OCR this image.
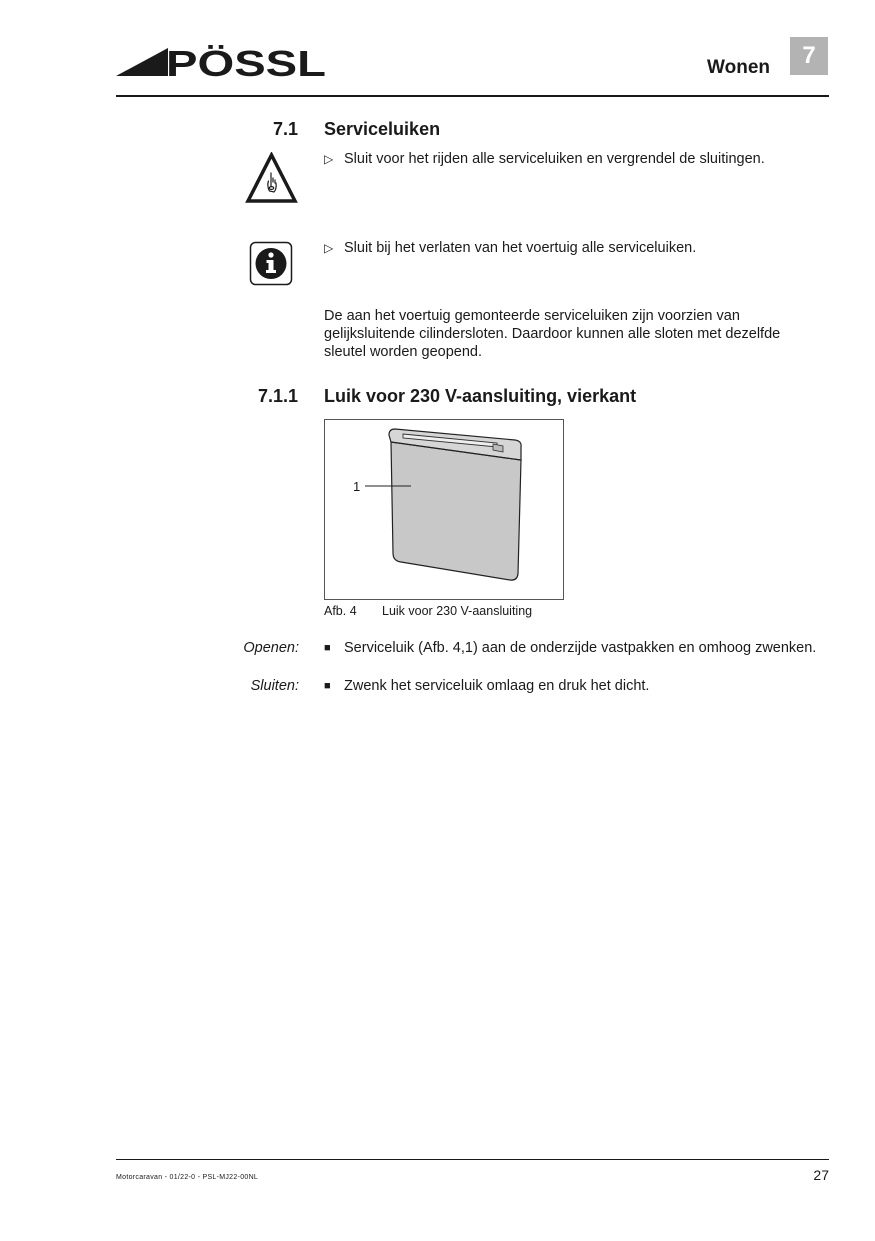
PÖSSL	Wonen	7
7.1 Serviceluiken
▷ Sluit voor het rijden alle serviceluiken en vergrendel de sluitingen.
▷ Sluit bij het verlaten van het voertuig alle serviceluiken.
De aan het voertuig gemonteerde serviceluiken zijn voorzien van gelijksluitende cilindersloten. Daardoor kunnen alle sloten met dezelfde sleutel worden geopend.
7.1.1 Luik voor 230 V-aansluiting, vierkant
1
Afb. 4 Luik voor 230 V-aansluiting
Openen: ■ Serviceluik (Afb. 4,1) aan de onderzijde vastpakken en omhoog zwenken.
Sluiten: ■ Zwenk het serviceluik omlaag en druk het dicht.
Motorcaravan - 01/22-0 - PSL-MJ22-00NL	27
